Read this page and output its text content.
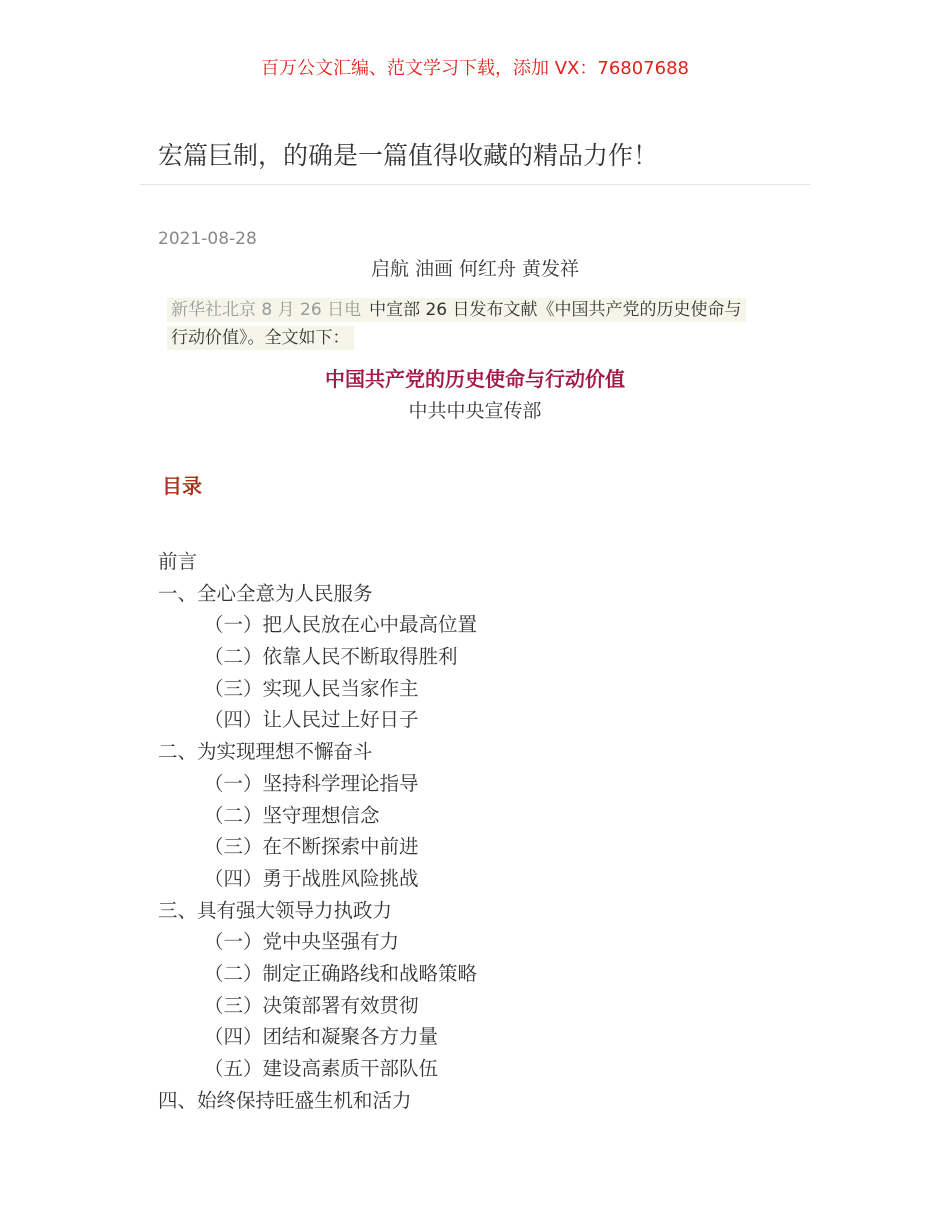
百万公文汇编、范文学习下载，添加 VX：76807688
宏篇巨制，的确是一篇值得收藏的精品力作！
2021-08-28
启航 油画 何红舟 黄发祥
新华社北京 8 月 26 日电 中宣部 26 日发布文献《中国共产党的历史使命与
行动价值》。全文如下：
中国共产党的历史使命与行动价值
中共中央宣传部
目录
前言
一、全心全意为人民服务
（一）把人民放在心中最高位置
（二）依靠人民不断取得胜利
（三）实现人民当家作主
（四）让人民过上好日子
二、为实现理想不懈奋斗
（一）坚持科学理论指导
（二）坚守理想信念
（三）在不断探索中前进
（四）勇于战胜风险挑战
三、具有强大领导力执政力
（一）党中央坚强有力
（二）制定正确路线和战略策略
（三）决策部署有效贯彻
（四）团结和凝聚各方力量
（五）建设高素质干部队伍
四、始终保持旺盛生机和活力
